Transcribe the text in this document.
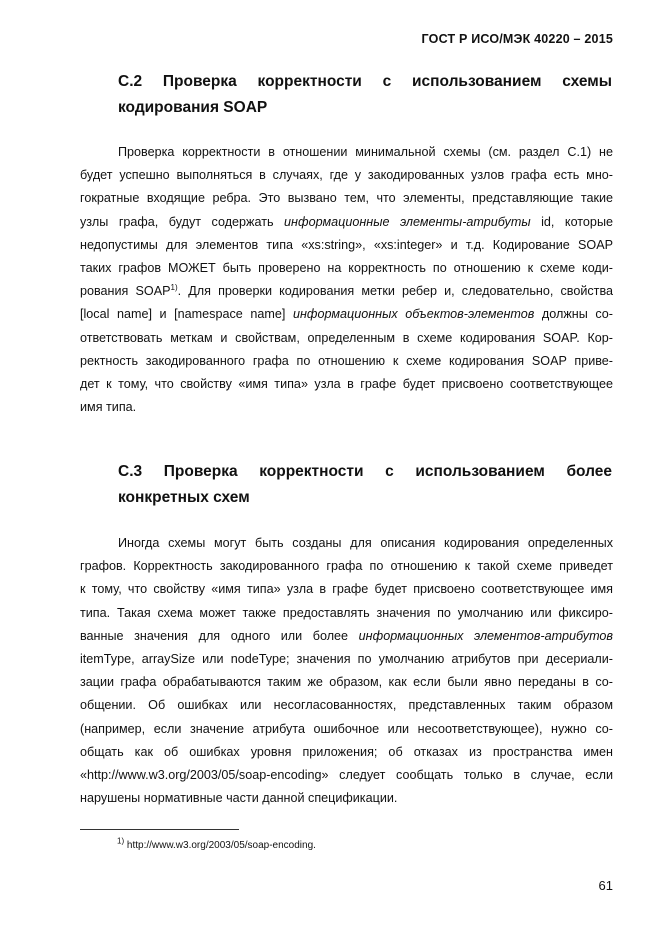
ГОСТ Р ИСО/МЭК 40220 – 2015
С.2 Проверка корректности с использованием схемы
кодирования SOAP
Проверка корректности в отношении минимальной схемы (см. раздел С.1) не
будет успешно выполняться в случаях, где у закодированных узлов графа есть мно-
гократные входящие ребра. Это вызвано тем, что элементы, представляющие такие
узлы графа, будут содержать информационные элементы-атрибуты id, которые
недопустимы для элементов типа «xs:string», «xs:integer» и т.д. Кодирование SOAP
таких графов МОЖЕТ быть проверено на корректность по отношению к схеме коди-
рования SOAP$^{1)}$. Для проверки кодирования метки ребер и, следовательно, свойства
[local name] и [namespace name] информационных объектов-элементов должны со-
ответствовать меткам и свойствам, определенным в схеме кодирования SOAP. Кор-
ректность закодированного графа по отношению к схеме кодирования SOAP приве-
дет к тому, что свойству «имя типа» узла в графе будет присвоено соответствующее
имя типа.
С.3 Проверка корректности с использованием более
конкретных схем
Иногда схемы могут быть созданы для описания кодирования определенных
графов. Корректность закодированного графа по отношению к такой схеме приведет
к тому, что свойству «имя типа» узла в графе будет присвоено соответствующее имя
типа. Такая схема может также предоставлять значения по умолчанию или фиксиро-
ванные значения для одного или более информационных элементов-атрибутов
itemType, arraySize или nodeType; значения по умолчанию атрибутов при десериали-
зации графа обрабатываются таким же образом, как если были явно переданы в со-
общении. Об ошибках или несогласованностях, представленных таким образом
(например, если значение атрибута ошибочное или несоответствующее), нужно со-
общать как об ошибках уровня приложения; об отказах из пространства имен
«http://www.w3.org/2003/05/soap-encoding» следует сообщать только в случае, если
нарушены нормативные части данной спецификации.
$^{1)}$ http://www.w3.org/2003/05/soap-encoding.
61
